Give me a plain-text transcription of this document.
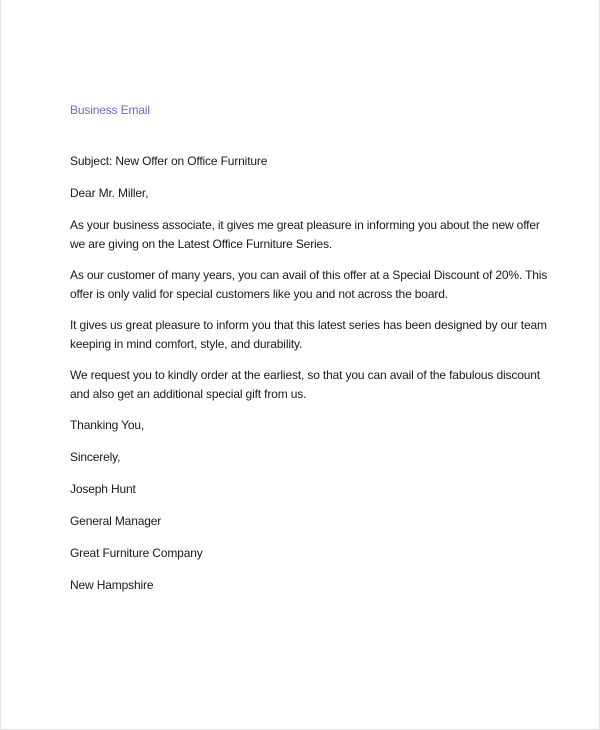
Business Email
Subject: New Offer on Office Furniture
Dear Mr. Miller,
As your business associate, it gives me great pleasure in informing you about the new offer we are giving on the Latest Office Furniture Series.
As our customer of many years, you can avail of this offer at a Special Discount of 20%. This offer is only valid for special customers like you and not across the board.
It gives us great pleasure to inform you that this latest series has been designed by our team keeping in mind comfort, style, and durability.
We request you to kindly order at the earliest, so that you can avail of the fabulous discount and also get an additional special gift from us.
Thanking You,
Sincerely,
Joseph Hunt
General Manager
Great Furniture Company
New Hampshire
